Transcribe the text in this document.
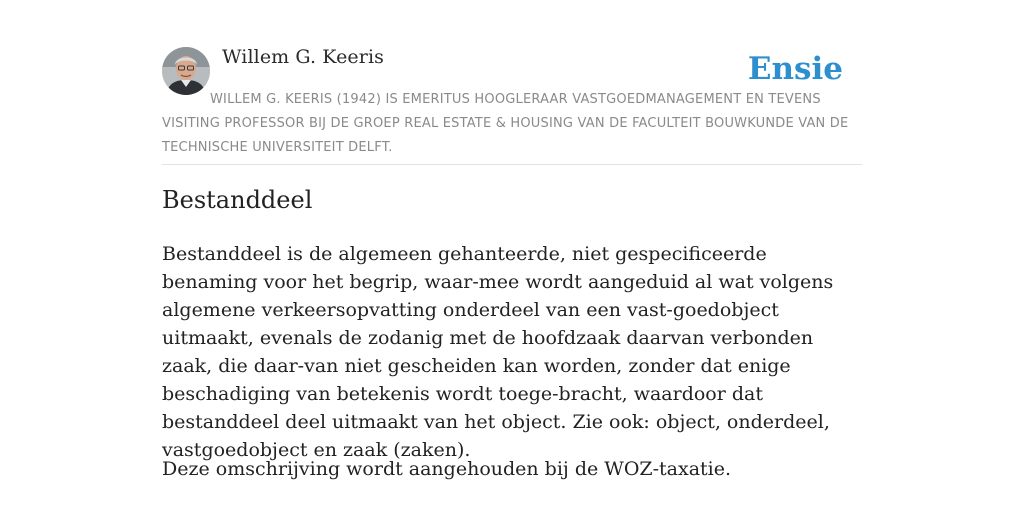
Willem G. Keeris	Ensie

WILLEM G. KEERIS (1942) IS EMERITUS HOOGLERAAR VASTGOEDMANAGEMENT EN TEVENS VISITING PROFESSOR BIJ DE GROEP REAL ESTATE & HOUSING VAN DE FACULTEIT BOUWKUNDE VAN DE TECHNISCHE UNIVERSITEIT DELFT.

Bestanddeel

Bestanddeel is de algemeen gehanteerde, niet gespecificeerde benaming voor het begrip, waar-mee wordt aangeduid al wat volgens algemene verkeersopvatting onderdeel van een vast-goedobject uitmaakt, evenals de zodanig met de hoofdzaak daarvan verbonden zaak, die daar-van niet gescheiden kan worden, zonder dat enige beschadiging van betekenis wordt toege-bracht, waardoor dat bestanddeel deel uitmaakt van het object. Zie ook: object, onderdeel, vastgoedobject en zaak (zaken).

Deze omschrijving wordt aangehouden bij de WOZ-taxatie.
